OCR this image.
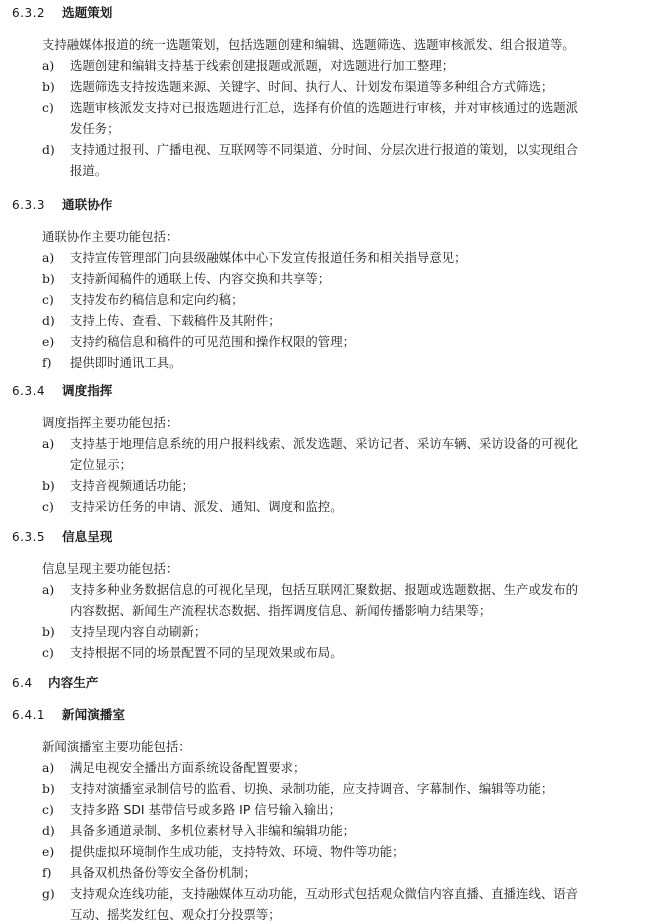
6.3.2 选题策划
支持融媒体报道的统一选题策划，包括选题创建和编辑、选题筛选、选题审核派发、组合报道等。
a) 选题创建和编辑支持基于线索创建报题或派题，对选题进行加工整理；
b) 选题筛选支持按选题来源、关键字、时间、执行人、计划发布渠道等多种组合方式筛选；
c) 选题审核派发支持对已报选题进行汇总，选择有价值的选题进行审核，并对审核通过的选题派
发任务；
d) 支持通过报刊、广播电视、互联网等不同渠道、分时间、分层次进行报道的策划，以实现组合
报道。
6.3.3 通联协作
通联协作主要功能包括：
a) 支持宣传管理部门向县级融媒体中心下发宣传报道任务和相关指导意见；
b) 支持新闻稿件的通联上传、内容交换和共享等；
c) 支持发布约稿信息和定向约稿；
d) 支持上传、查看、下载稿件及其附件；
e) 支持约稿信息和稿件的可见范围和操作权限的管理；
f) 提供即时通讯工具。
6.3.4 调度指挥
调度指挥主要功能包括：
a) 支持基于地理信息系统的用户报料线索、派发选题、采访记者、采访车辆、采访设备的可视化
定位显示；
b) 支持音视频通话功能；
c) 支持采访任务的申请、派发、通知、调度和监控。
6.3.5 信息呈现
信息呈现主要功能包括：
a) 支持多种业务数据信息的可视化呈现，包括互联网汇聚数据、报题或选题数据、生产或发布的
内容数据、新闻生产流程状态数据、指挥调度信息、新闻传播影响力结果等；
b) 支持呈现内容自动刷新；
c) 支持根据不同的场景配置不同的呈现效果或布局。
6.4 内容生产
6.4.1 新闻演播室
新闻演播室主要功能包括：
a) 满足电视安全播出方面系统设备配置要求；
b) 支持对演播室录制信号的监看、切换、录制功能，应支持调音、字幕制作、编辑等功能；
c) 支持多路 SDI 基带信号或多路 IP 信号输入输出；
d) 具备多通道录制、多机位素材导入非编和编辑功能；
e) 提供虚拟环境制作生成功能，支持特效、环境、物件等功能；
f) 具备双机热备份等安全备份机制；
g) 支持观众连线功能，支持融媒体互动功能，互动形式包括观众微信内容直播、直播连线、语音
互动、摇奖发红包、观众打分投票等；
